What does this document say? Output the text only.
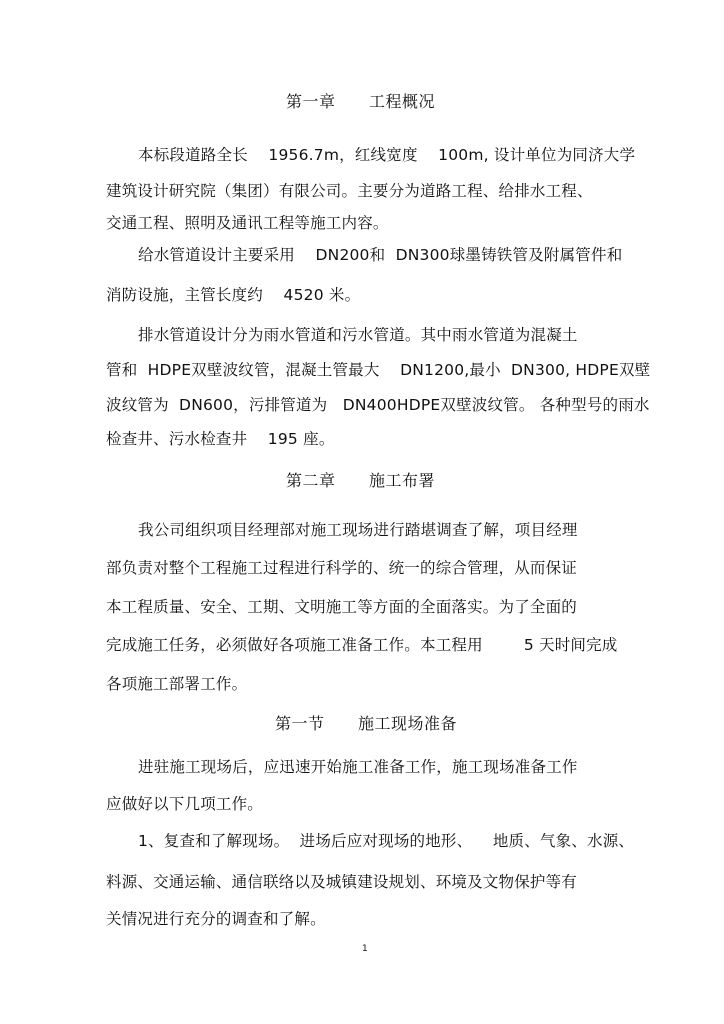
第一章      工程概况
本标段道路全长    1956.7m，红线宽度    100m, 设计单位为同济大学
建筑设计研究院（集团）有限公司。主要分为道路工程、给排水工程、
交通工程、照明及通讯工程等施工内容。
给水管道设计主要采用    DN200和  DN300球墨铸铁管及附属管件和
消防设施，主管长度约    4520 米。
排水管道设计分为雨水管道和污水管道。其中雨水管道为混凝土
管和  HDPE双壁波纹管，混凝土管最大    DN1200,最小  DN300, HDPE双壁
波纹管为  DN600，污排管道为   DN400HDPE双壁波纹管。 各种型号的雨水
检查井、污水检查井    195 座。
第二章      施工布署
我公司组织项目经理部对施工现场进行踏堪调查了解，项目经理
部负责对整个工程施工过程进行科学的、统一的综合管理，从而保证
本工程质量、安全、工期、文明施工等方面的全面落实。为了全面的
完成施工任务，必须做好各项施工准备工作。本工程用        5 天时间完成
各项施工部署工作。
第一节      施工现场准备
进驻施工现场后，应迅速开始施工准备工作，施工现场准备工作
应做好以下几项工作。
1、复查和了解现场。  进场后应对现场的地形、    地质、气象、水源、
料源、交通运输、通信联络以及城镇建设规划、环境及文物保护等有
关情况进行充分的调查和了解。
1
